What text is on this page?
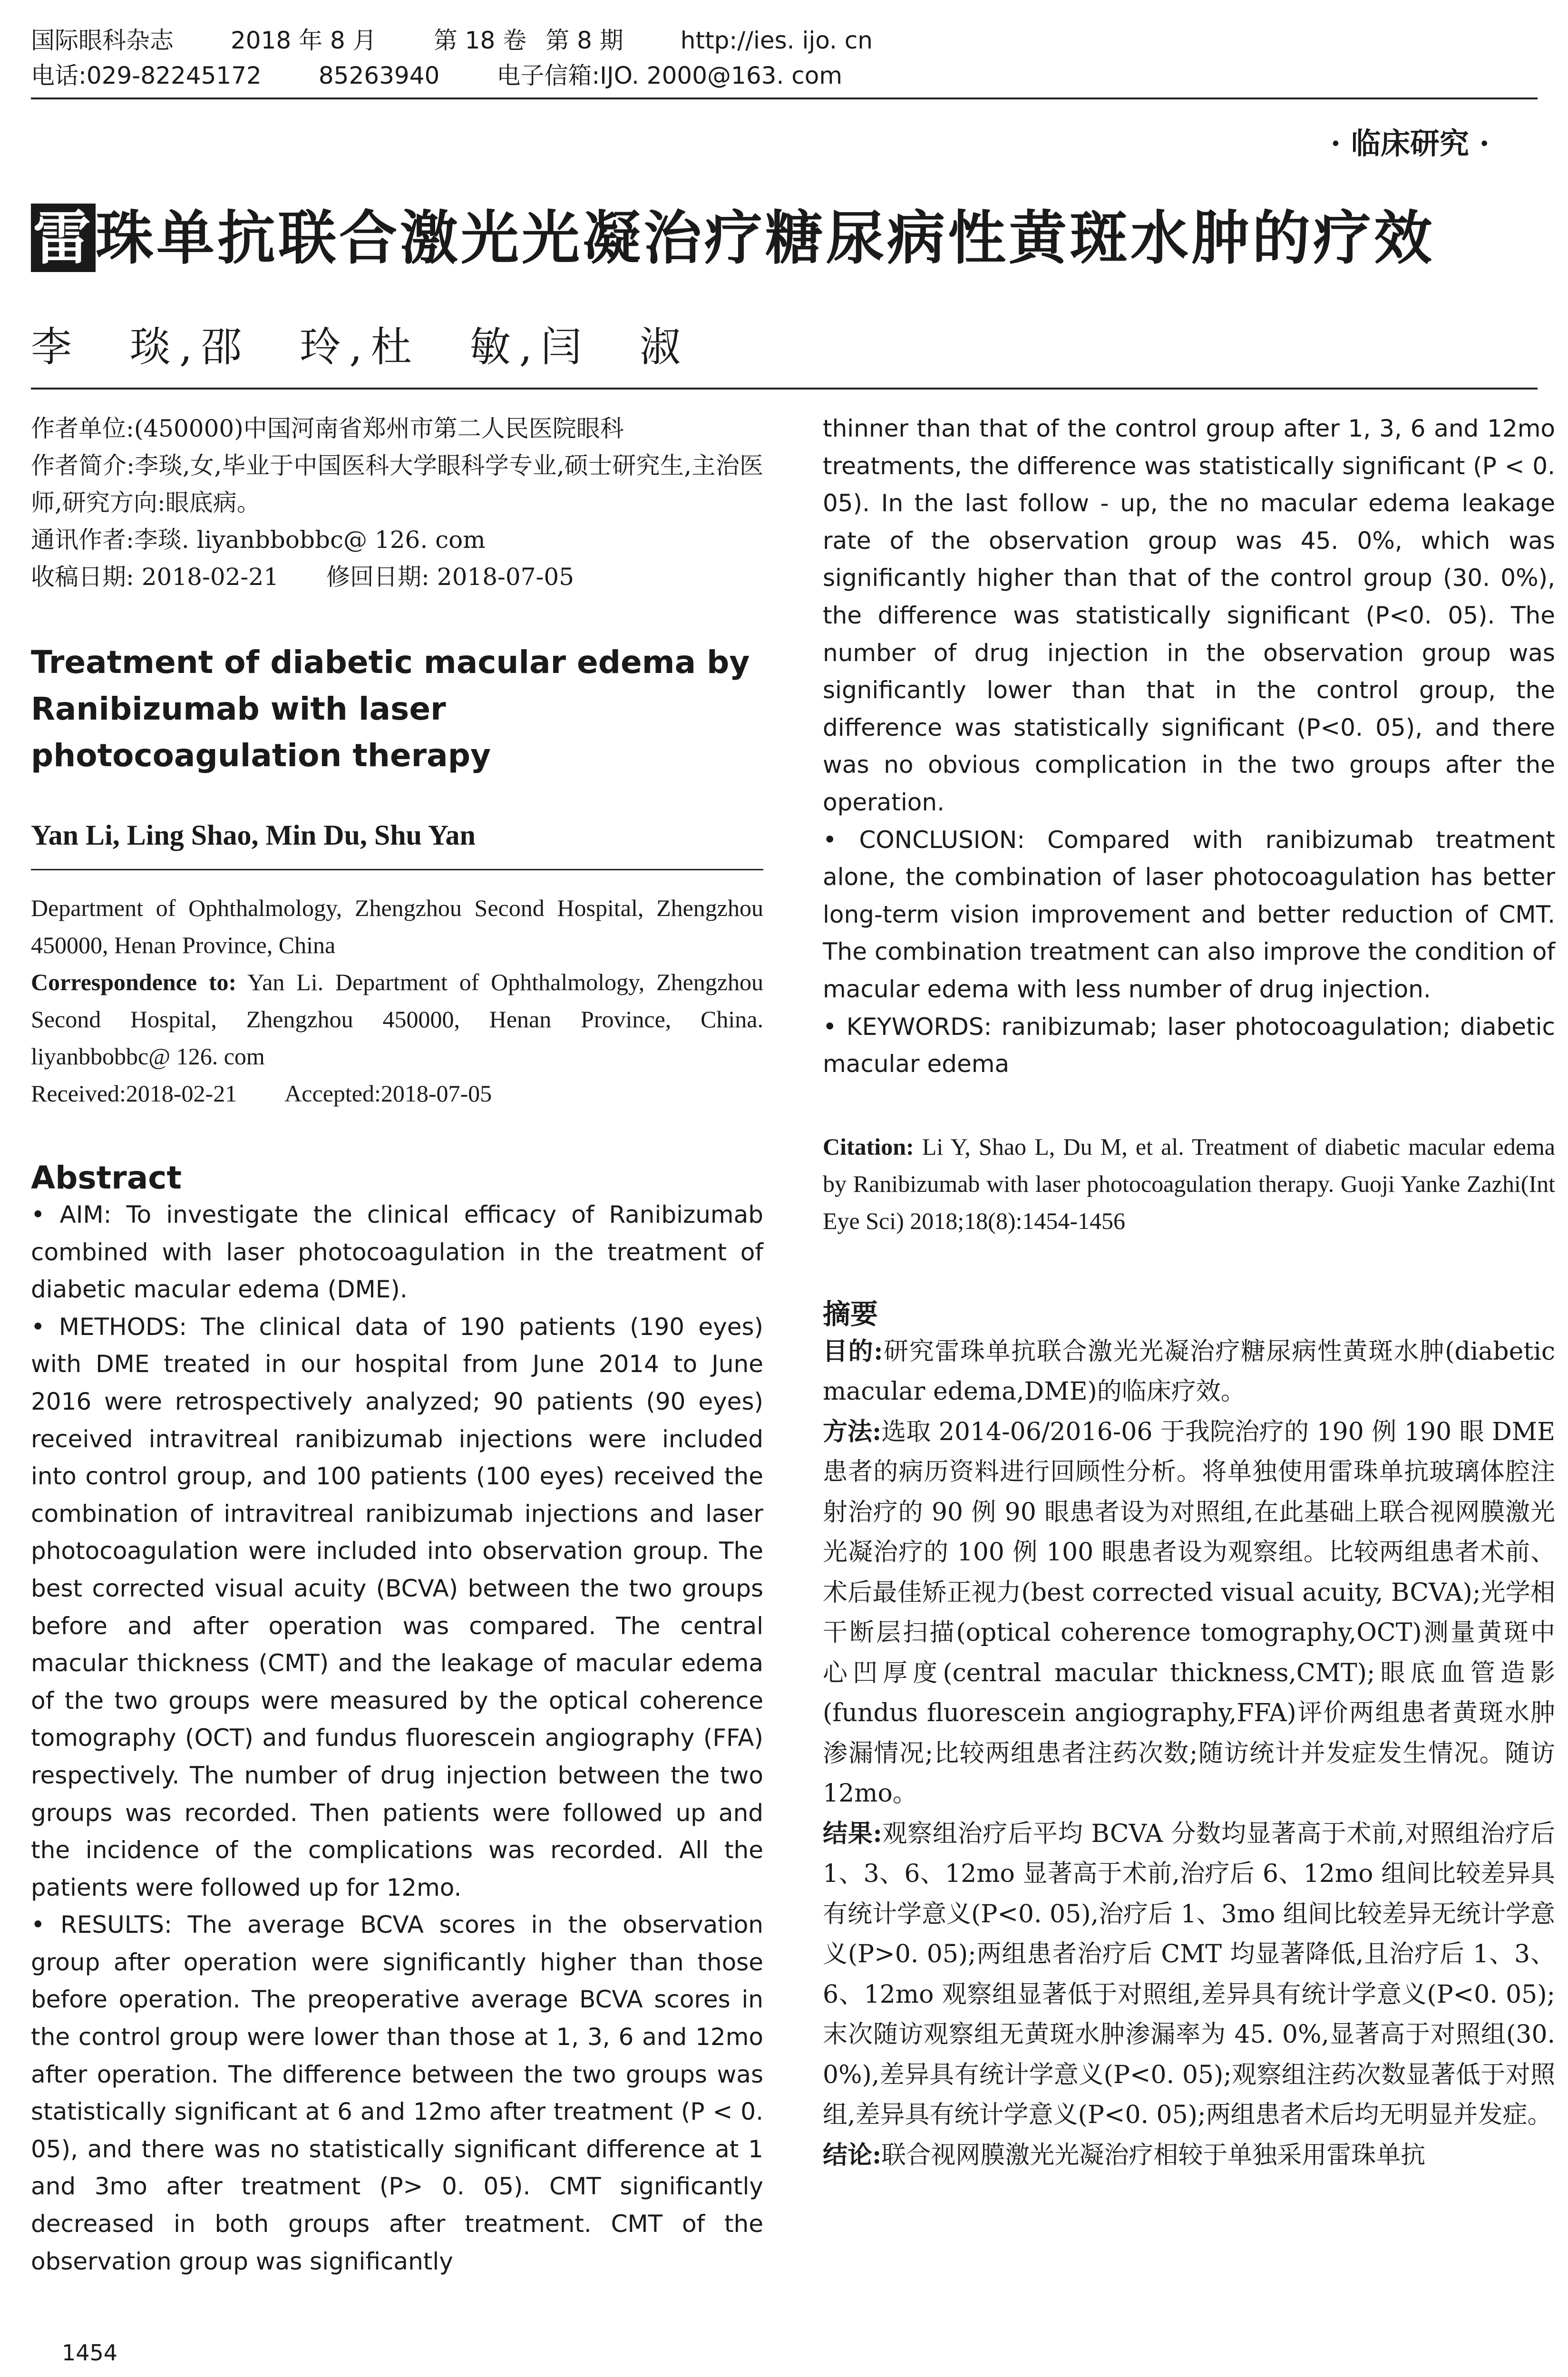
国际眼科杂志 2018 年 8 月 第 18 卷 第 8 期 http://ies. ijo. cn
电话:029-82245172 85263940 电子信箱:IJO. 2000@163. com
· 临床研究 ·
雷珠单抗联合激光光凝治疗糖尿病性黄斑水肿的疗效
李　琰,邵　玲,杜　敏,闫　淑

作者单位:(450000)中国河南省郑州市第二人民医院眼科

作者简介:李琰,女,毕业于中国医科大学眼科学专业,硕士研究生,主治医师,研究方向:眼底病。

通讯作者:李琰. liyanbbobbc@ 126. com

收稿日期: 2018-02-21　　修回日期: 2018-07-05

Treatment of diabetic macular edema by Ranibizumab with laser photocoagulation therapy

Yan Li, Ling Shao, Min Du, Shu Yan

Department of Ophthalmology, Zhengzhou Second Hospital, Zhengzhou 450000, Henan Province, China

Correspondence to: Yan Li. Department of Ophthalmology, Zhengzhou Second Hospital, Zhengzhou 450000, Henan Province, China. liyanbbobbc@ 126. com

Received:2018-02-21　　Accepted:2018-07-05

Abstract

• AIM: To investigate the clinical efficacy of Ranibizumab combined with laser photocoagulation in the treatment of diabetic macular edema (DME).

• METHODS: The clinical data of 190 patients (190 eyes) with DME treated in our hospital from June 2014 to June 2016 were retrospectively analyzed; 90 patients (90 eyes) received intravitreal ranibizumab injections were included into control group, and 100 patients (100 eyes) received the combination of intravitreal ranibizumab injections and laser photocoagulation were included into observation group. The best corrected visual acuity (BCVA) between the two groups before and after operation was compared. The central macular thickness (CMT) and the leakage of macular edema of the two groups were measured by the optical coherence tomography (OCT) and fundus fluorescein angiography (FFA) respectively. The number of drug injection between the two groups was recorded. Then patients were followed up and the incidence of the complications was recorded. All the patients were followed up for 12mo.

• RESULTS: The average BCVA scores in the observation group after operation were significantly higher than those before operation. The preoperative average BCVA scores in the control group were lower than those at 1, 3, 6 and 12mo after operation. The difference between the two groups was statistically significant at 6 and 12mo after treatment (P < 0. 05), and there was no statistically significant difference at 1 and 3mo after treatment (P> 0. 05). CMT significantly decreased in both groups after treatment. CMT of the observation group was significantly

thinner than that of the control group after 1, 3, 6 and 12mo treatments, the difference was statistically significant (P < 0. 05). In the last follow - up, the no macular edema leakage rate of the observation group was 45. 0%, which was significantly higher than that of the control group (30. 0%), the difference was statistically significant (P<0. 05). The number of drug injection in the observation group was significantly lower than that in the control group, the difference was statistically significant (P<0. 05), and there was no obvious complication in the two groups after the operation.

• CONCLUSION: Compared with ranibizumab treatment alone, the combination of laser photocoagulation has better long-term vision improvement and better reduction of CMT. The combination treatment can also improve the condition of macular edema with less number of drug injection.

• KEYWORDS: ranibizumab; laser photocoagulation; diabetic macular edema

Citation: Li Y, Shao L, Du M, et al. Treatment of diabetic macular edema by Ranibizumab with laser photocoagulation therapy. Guoji Yanke Zazhi(Int Eye Sci) 2018;18(8):1454-1456

摘要

目的:研究雷珠单抗联合激光光凝治疗糖尿病性黄斑水肿(diabetic macular edema,DME)的临床疗效。

方法:选取 2014-06/2016-06 于我院治疗的 190 例 190 眼 DME 患者的病历资料进行回顾性分析。将单独使用雷珠单抗玻璃体腔注射治疗的 90 例 90 眼患者设为对照组,在此基础上联合视网膜激光光凝治疗的 100 例 100 眼患者设为观察组。比较两组患者术前、术后最佳矫正视力(best corrected visual acuity, BCVA);光学相干断层扫描(optical coherence tomography,OCT)测量黄斑中心凹厚度(central macular thickness,CMT);眼底血管造影(fundus fluorescein angiography,FFA)评价两组患者黄斑水肿渗漏情况;比较两组患者注药次数;随访统计并发症发生情况。随访 12mo。

结果:观察组治疗后平均 BCVA 分数均显著高于术前,对照组治疗后 1、3、6、12mo 显著高于术前,治疗后 6、12mo 组间比较差异具有统计学意义(P<0. 05),治疗后 1、3mo 组间比较差异无统计学意义(P>0. 05);两组患者治疗后 CMT 均显著降低,且治疗后 1、3、6、12mo 观察组显著低于对照组,差异具有统计学意义(P<0. 05);末次随访观察组无黄斑水肿渗漏率为 45. 0%,显著高于对照组(30. 0%),差异具有统计学意义(P<0. 05);观察组注药次数显著低于对照组,差异具有统计学意义(P<0. 05);两组患者术后均无明显并发症。

结论:联合视网膜激光光凝治疗相较于单独采用雷珠单抗

1454
